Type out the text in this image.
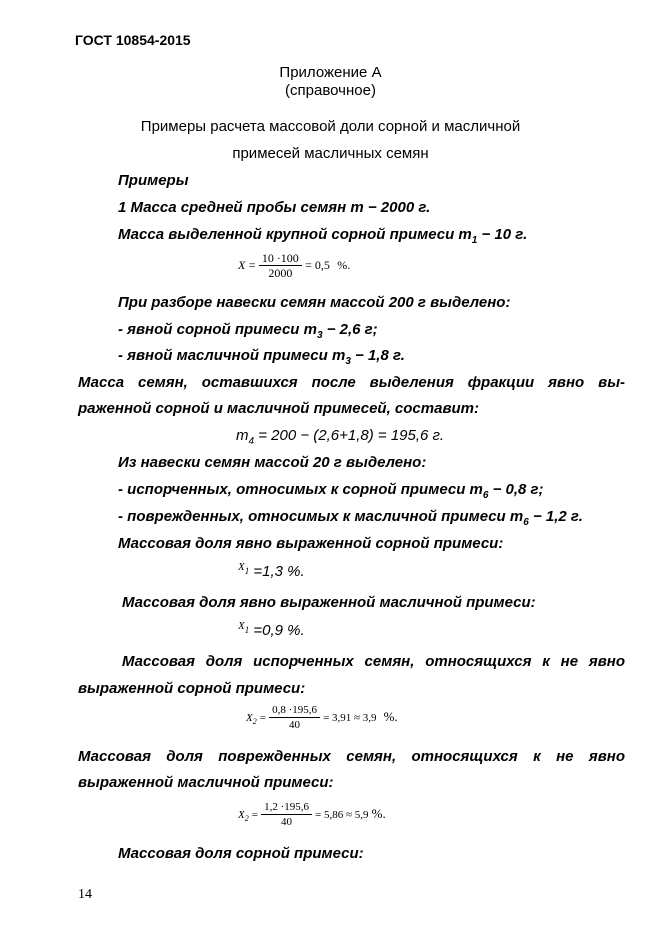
ГОСТ 10854-2015
Приложение А
(справочное)
Примеры расчета массовой доли сорной и масличной
примесей масличных семян
Примеры
1 Масса средней пробы семян m − 2000 г.
Масса выделенной крупной сорной примеси $m_1 - 10$ г.
$X = \frac{10 \cdot 100}{2000} = 0,5$ %.
При разборе навески семян массой 200 г выделено:
- явной сорной примеси $m_3 - 2,6$ г;
- явной масличной примеси $m_3 - 1,8$ г.
Масса семян, оставшихся после выделения фракции явно вы-
раженной сорной и масличной примесей, составит:
$m_4 = 200 - (2,6+1,8) = 195,6$ г.
Из навески семян массой 20 г выделено:
- испорченных, относимых к сорной примеси $m_6 - 0,8$ г;
- поврежденных, относимых к масличной примеси $m_6 - 1,2$ г.
Массовая доля явно выраженной сорной примеси:
$^X_1$ =1,3 %.
Массовая доля явно выраженной масличной примеси:
$^X_1$ =0,9 %.
Массовая доля испорченных семян, относящихся к не явно
выраженной сорной примеси:
$X_2 = \frac{0,8 \cdot 195,6}{40} = 3,91 \approx 3,9$ %.
Массовая доля поврежденных семян, относящихся к не явно
выраженной масличной примеси:
$X_2 = \frac{1,2 \cdot 195,6}{40} = 5,86 \approx 5,9$ %.
Массовая доля сорной примеси:
14
